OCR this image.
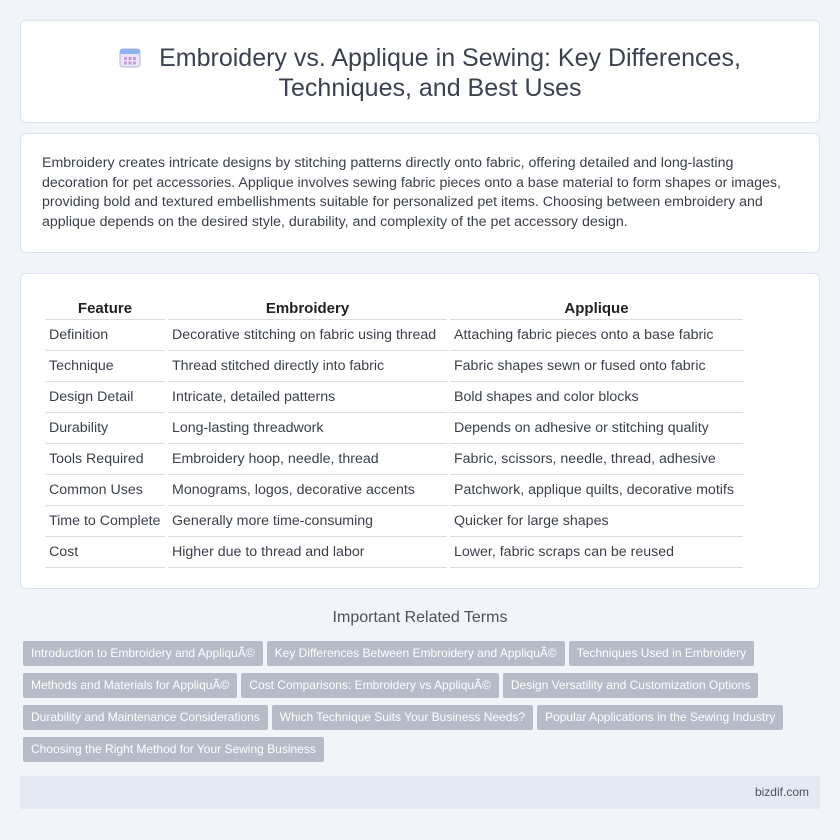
Embroidery vs. Applique in Sewing: Key Differences, Techniques, and Best Uses

Embroidery creates intricate designs by stitching patterns directly onto fabric, offering detailed and long-lasting decoration for pet accessories. Applique involves sewing fabric pieces onto a base material to form shapes or images, providing bold and textured embellishments suitable for personalized pet items. Choosing between embroidery and applique depends on the desired style, durability, and complexity of the pet accessory design.

Feature	Embroidery	Applique
Definition	Decorative stitching on fabric using thread	Attaching fabric pieces onto a base fabric
Technique	Thread stitched directly into fabric	Fabric shapes sewn or fused onto fabric
Design Detail	Intricate, detailed patterns	Bold shapes and color blocks
Durability	Long-lasting threadwork	Depends on adhesive or stitching quality
Tools Required	Embroidery hoop, needle, thread	Fabric, scissors, needle, thread, adhesive
Common Uses	Monograms, logos, decorative accents	Patchwork, applique quilts, decorative motifs
Time to Complete	Generally more time-consuming	Quicker for large shapes
Cost	Higher due to thread and labor	Lower, fabric scraps can be reused
Important Related Terms
Introduction to Embroidery and AppliquÃ© Key Differences Between Embroidery and AppliquÃ© Techniques Used in Embroidery
Methods and Materials for AppliquÃ© Cost Comparisons: Embroidery vs AppliquÃ© Design Versatility and Customization Options
Durability and Maintenance Considerations Which Technique Suits Your Business Needs? Popular Applications in the Sewing Industry
Choosing the Right Method for Your Sewing Business
bizdif.com
